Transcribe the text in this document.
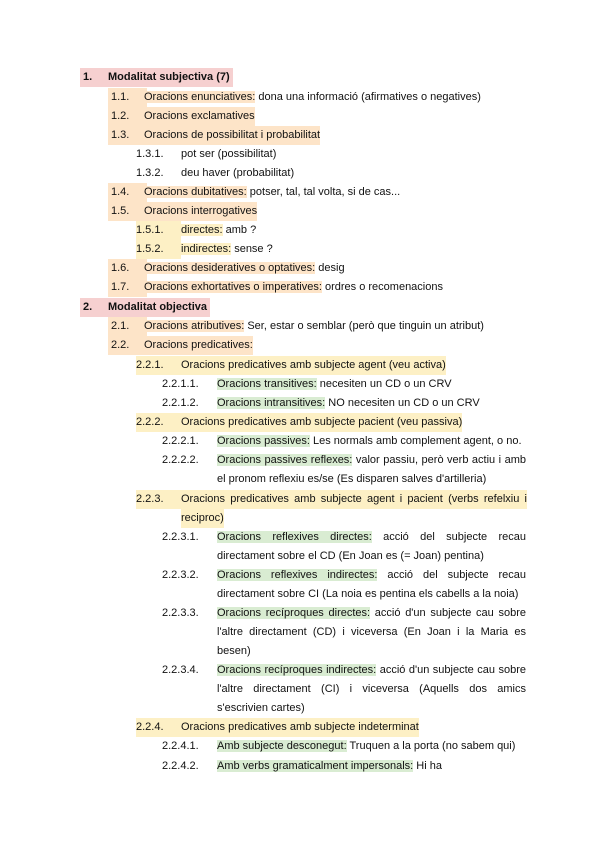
1. Modalitat subjectiva (7)
1.1.	Oracions enunciatives: dona una informació (afirmatives o negatives)
1.2.	Oracions exclamatives
1.3.	Oracions de possibilitat i probabilitat
1.3.1. pot ser (possibilitat)
1.3.2. deu haver (probabilitat)
1.4.	Oracions dubitatives: potser, tal, tal volta, si de cas...
1.5.	Oracions interrogatives
1.5.1.	directes: amb ?
1.5.2.	indirectes: sense ?
1.6.	Oracions desideratives o optatives: desig
1.7.	Oracions exhortatives o imperatives: ordres o recomenacions
2. Modalitat objectiva
2.1.	Oracions atributives: Ser, estar o semblar (però que tinguin un atribut)
2.2.	Oracions predicatives:
2.2.1.	Oracions predicatives amb subjecte agent (veu activa)
2.2.1.1. Oracions transitives: necesiten un CD o un CRV
2.2.1.2. Oracions intransitives: NO necesiten un CD o un CRV
2.2.2.	Oracions predicatives amb subjecte pacient (veu passiva)
2.2.2.1. Oracions passives: Les normals amb complement agent, o no.
2.2.2.2. Oracions passives reflexes: valor passiu, però verb actiu i amb
el pronom reflexiu es/se (Es disparen salves d'artilleria)
2.2.3.	Oracions predicatives amb subjecte agent i pacient (verbs refelxiu i
reciproc)
2.2.3.1. Oracions reflexives directes: acció del subjecte recau
directament sobre el CD (En Joan es (= Joan) pentina)
2.2.3.2. Oracions reflexives indirectes: acció del subjecte recau
directament sobre CI (La noia es pentina els cabells a la noia)
2.2.3.3. Oracions recíproques directes: acció d'un subjecte cau sobre
l'altre directament (CD) i viceversa (En Joan i la Maria es
besen)
2.2.3.4. Oracions recíproques indirectes: acció d'un subjecte cau sobre
l'altre directament (CI) i viceversa (Aquells dos amics
s'escrivien cartes)
2.2.4.	Oracions predicatives amb subjecte indeterminat
2.2.4.1. Amb subjecte desconegut: Truquen a la porta (no sabem qui)
2.2.4.2. Amb verbs gramaticalment impersonals: Hi ha
